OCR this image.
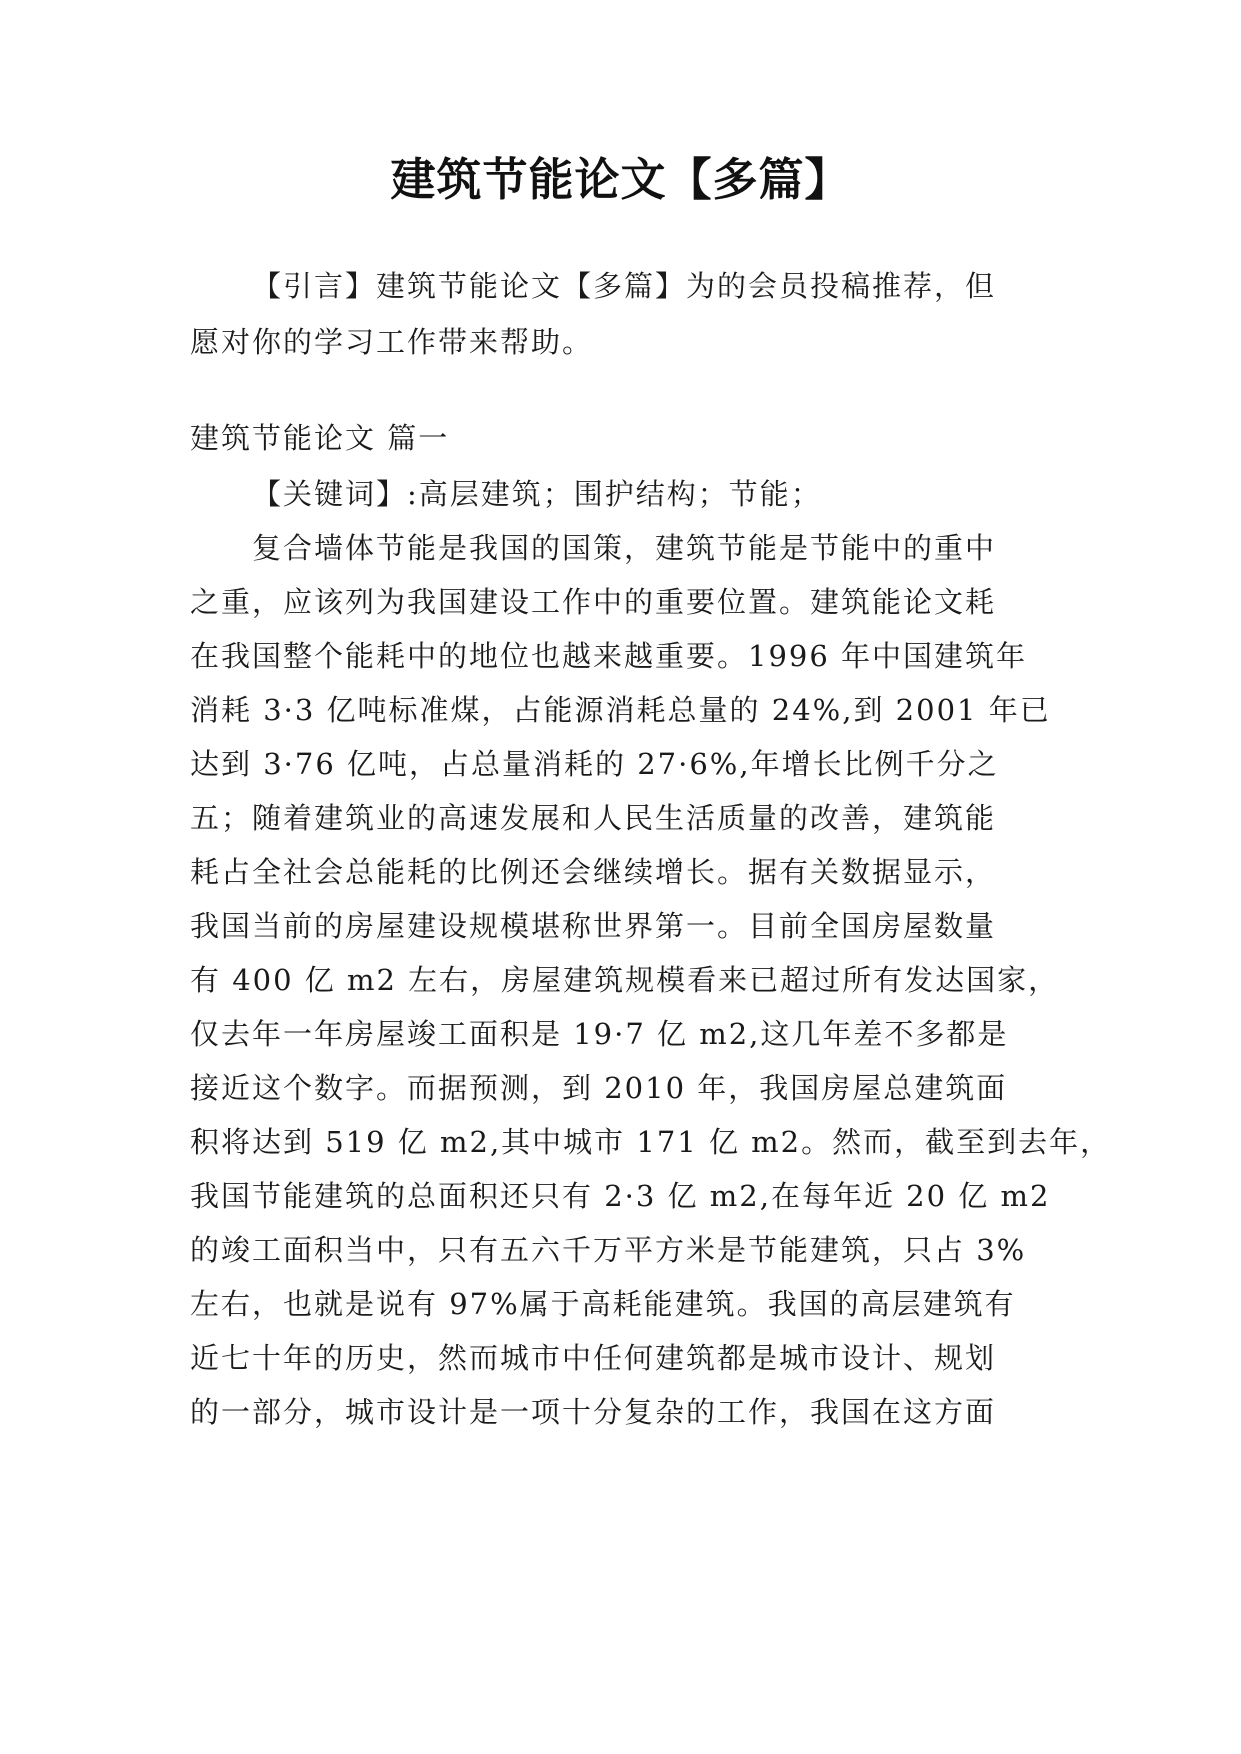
建筑节能论文【多篇】
【引言】建筑节能论文【多篇】为的会员投稿推荐，但
愿对你的学习工作带来帮助。
建筑节能论文 篇一
【关键词】:高层建筑；围护结构；节能；
复合墙体节能是我国的国策，建筑节能是节能中的重中
之重，应该列为我国建设工作中的重要位置。建筑能论文耗
在我国整个能耗中的地位也越来越重要。1996 年中国建筑年
消耗 3·3 亿吨标准煤，占能源消耗总量的 24%,到 2001 年已
达到 3·76 亿吨，占总量消耗的 27·6%,年增长比例千分之
五；随着建筑业的高速发展和人民生活质量的改善，建筑能
耗占全社会总能耗的比例还会继续增长。据有关数据显示，
我国当前的房屋建设规模堪称世界第一。目前全国房屋数量
有 400 亿 m2 左右，房屋建筑规模看来已超过所有发达国家，
仅去年一年房屋竣工面积是 19·7 亿 m2,这几年差不多都是
接近这个数字。而据预测，到 2010 年，我国房屋总建筑面
积将达到 519 亿 m2,其中城市 171 亿 m2。然而，截至到去年，
我国节能建筑的总面积还只有 2·3 亿 m2,在每年近 20 亿 m2
的竣工面积当中，只有五六千万平方米是节能建筑，只占 3%
左右，也就是说有 97%属于高耗能建筑。我国的高层建筑有
近七十年的历史，然而城市中任何建筑都是城市设计、规划
的一部分，城市设计是一项十分复杂的工作，我国在这方面
